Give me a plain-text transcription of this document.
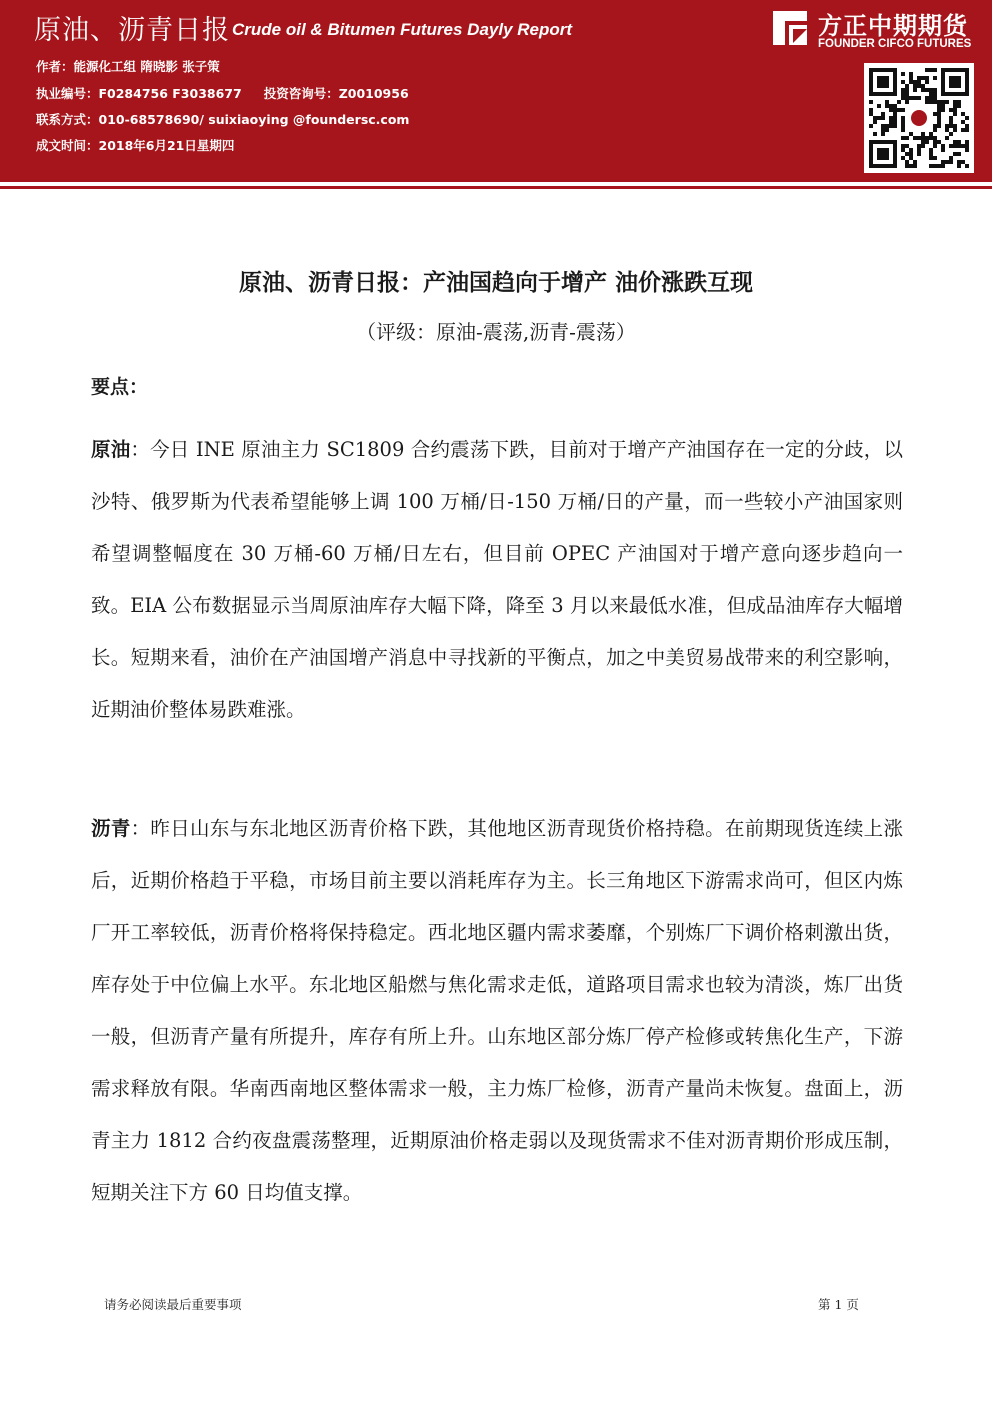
原油、沥青日报 Crude oil & Bitumen Futures Dayly Report
作者：能源化工组 隋晓影 张子策
执业编号：F0284756 F3038677 投资咨询号：Z0010956
联系方式：010-68578690/ suixiaoying @foundersc.com
成文时间：2018年6月21日星期四
方正中期期货
FOUNDER CIFCO FUTURES
原油、沥青日报：产油国趋向于增产 油价涨跌互现
（评级：原油-震荡,沥青-震荡）
要点：
原油：今日 INE 原油主力 SC1809 合约震荡下跌，目前对于增产产油国存在一定的分歧，以沙特、俄罗斯为代表希望能够上调 100 万桶/日-150 万桶/日的产量，而一些较小产油国家则希望调整幅度在 30 万桶-60 万桶/日左右，但目前 OPEC 产油国对于增产意向逐步趋向一致。EIA 公布数据显示当周原油库存大幅下降，降至 3 月以来最低水准，但成品油库存大幅增长。短期来看，油价在产油国增产消息中寻找新的平衡点，加之中美贸易战带来的利空影响，近期油价整体易跌难涨。
沥青：昨日山东与东北地区沥青价格下跌，其他地区沥青现货价格持稳。在前期现货连续上涨后，近期价格趋于平稳，市场目前主要以消耗库存为主。长三角地区下游需求尚可，但区内炼厂开工率较低，沥青价格将保持稳定。西北地区疆内需求萎靡，个别炼厂下调价格刺激出货，库存处于中位偏上水平。东北地区船燃与焦化需求走低，道路项目需求也较为清淡，炼厂出货一般，但沥青产量有所提升，库存有所上升。山东地区部分炼厂停产检修或转焦化生产，下游需求释放有限。华南西南地区整体需求一般，主力炼厂检修，沥青产量尚未恢复。盘面上，沥青主力 1812 合约夜盘震荡整理，近期原油价格走弱以及现货需求不佳对沥青期价形成压制，短期关注下方 60 日均值支撑。
请务必阅读最后重要事项	第 1 页
